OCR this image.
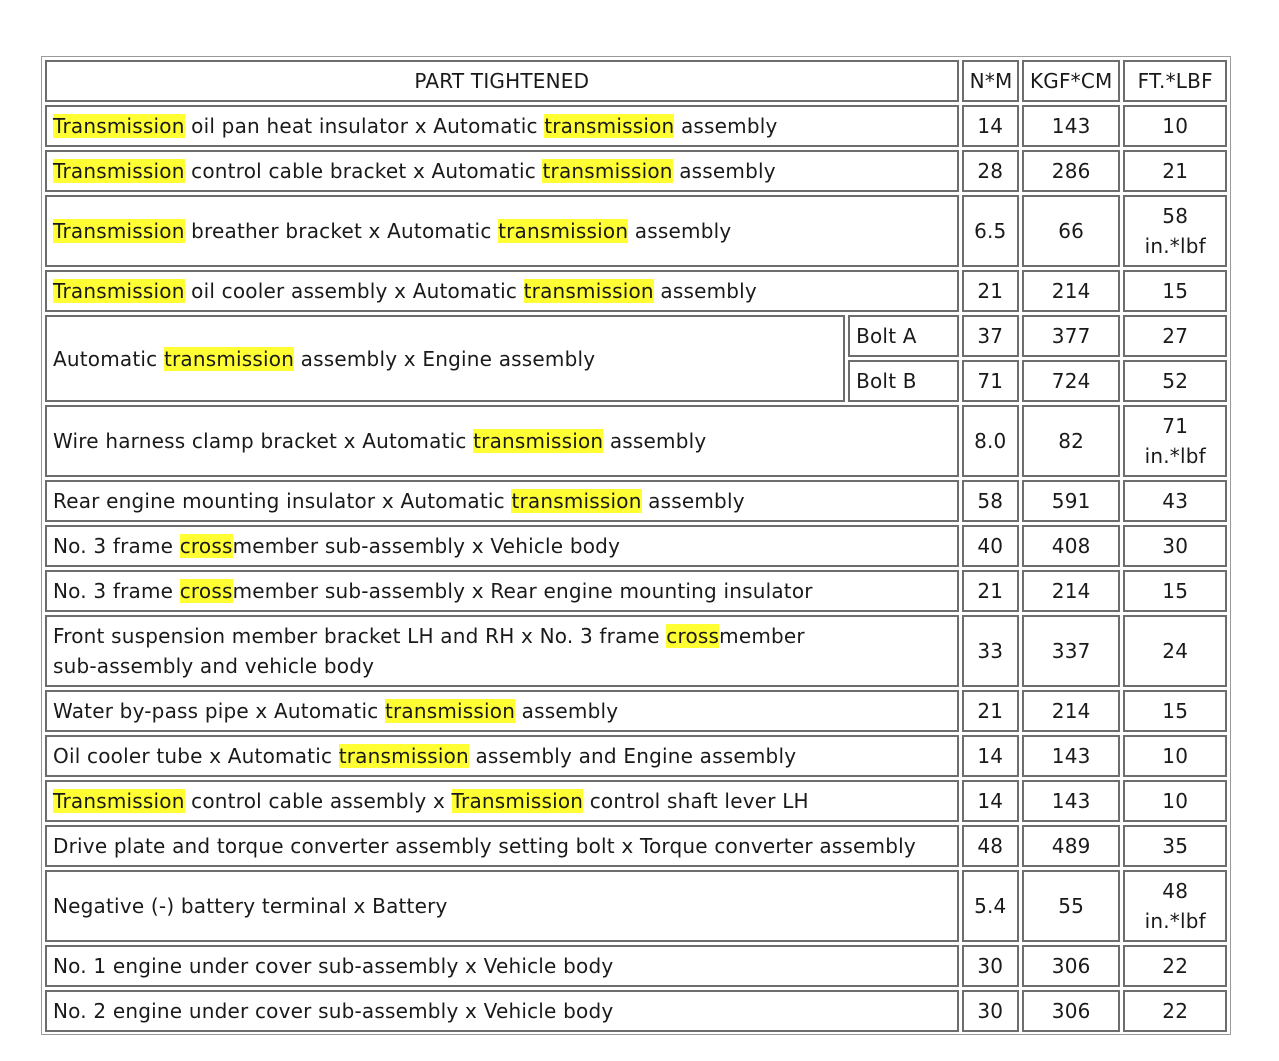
PART TIGHTENED		N*M	KGF*CM	FT.*LBF
Transmission oil pan heat insulator x Automatic transmission assembly		14	143	10

Transmission control cable bracket x Automatic transmission assembly		28	286	21

Transmission breather bracket x Automatic transmission assembly		6.5	66	58
in.*lbf

Transmission oil cooler assembly x Automatic transmission assembly		21	214	15

Automatic transmission assembly x Engine assembly	Bolt A	37	377	27
	Bolt B	71	724	52
Wire harness clamp bracket x Automatic transmission assembly		8.0	82	71
in.*lbf

Rear engine mounting insulator x Automatic transmission assembly		58	591	43

No. 3 frame crossmember sub-assembly x Vehicle body		40	408	30

No. 3 frame crossmember sub-assembly x Rear engine mounting insulator		21	214	15

Front suspension member bracket LH and RH x No. 3 frame crossmember
sub-assembly and vehicle body		33	337	24

Water by-pass pipe x Automatic transmission assembly		21	214	15

Oil cooler tube x Automatic transmission assembly and Engine assembly		14	143	10

Transmission control cable assembly x Transmission control shaft lever LH		14	143	10

Drive plate and torque converter assembly setting bolt x Torque converter assembly		48	489	35

Negative (-) battery terminal x Battery		5.4	55	48
in.*lbf

No. 1 engine under cover sub-assembly x Vehicle body		30	306	22

No. 2 engine under cover sub-assembly x Vehicle body		30	306	22
